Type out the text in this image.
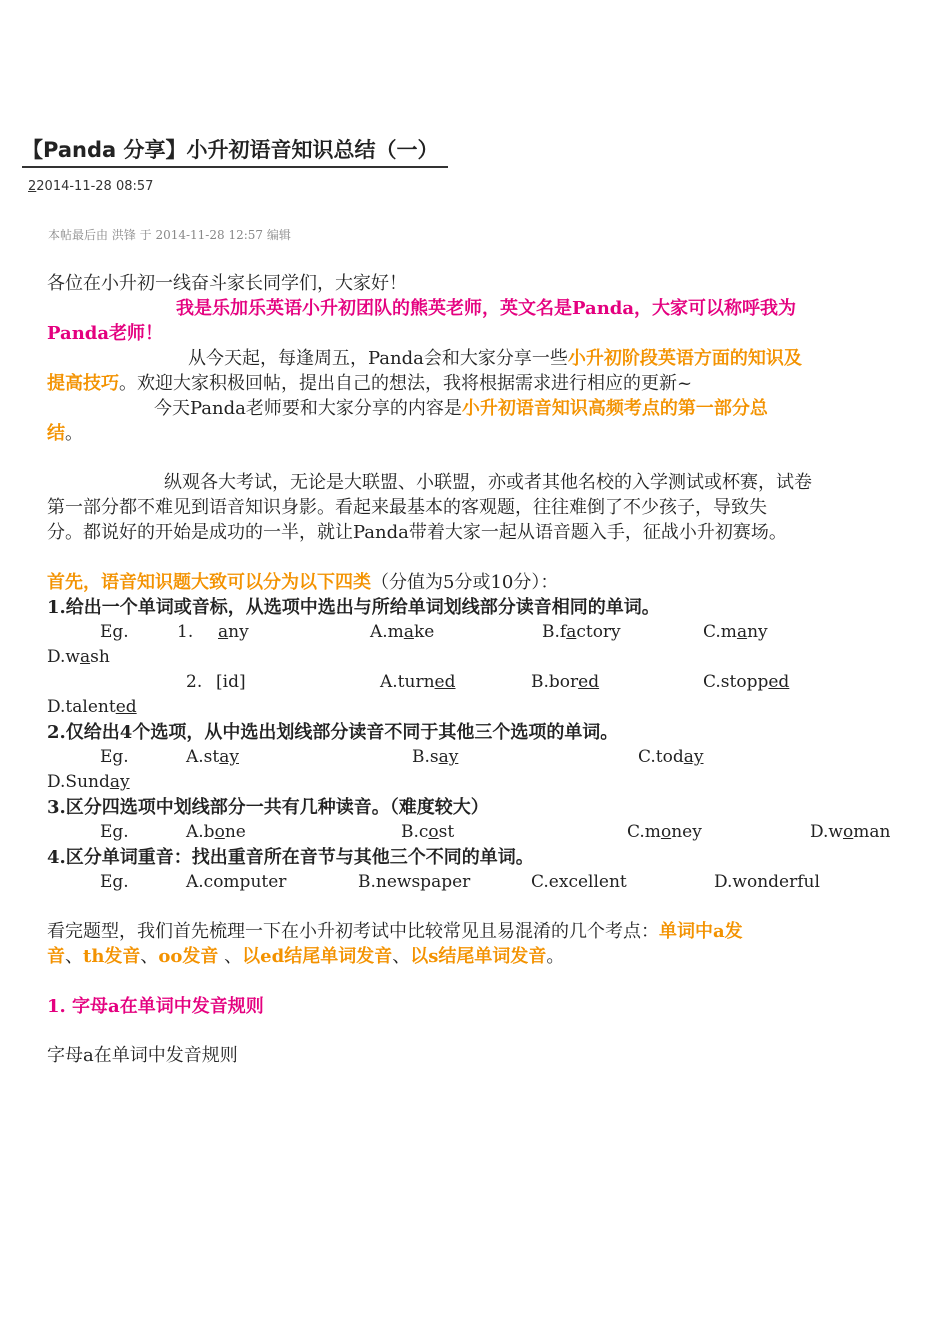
【Panda 分享】小升初语音知识总结（一）
22014-11-28 08:57
本帖最后由 洪锋 于 2014-11-28 12:57 编辑
各位在小升初一线奋斗家长同学们，大家好！
我是乐加乐英语小升初团队的熊英老师，英文名是Panda，大家可以称呼我为
Panda老师！
从今天起，每逢周五，Panda会和大家分享一些小升初阶段英语方面的知识及
提高技巧。欢迎大家积极回帖，提出自己的想法，我将根据需求进行相应的更新~
今天Panda老师要和大家分享的内容是小升初语音知识高频考点的第一部分总
结。
纵观各大考试，无论是大联盟、小联盟，亦或者其他名校的入学测试或杯赛，试卷
第一部分都不难见到语音知识身影。看起来最基本的客观题，往往难倒了不少孩子，导致失
分。都说好的开始是成功的一半，就让Panda带着大家一起从语音题入手，征战小升初赛场。
首先，语音知识题大致可以分为以下四类（分值为5分或10分）：
1.给出一个单词或音标，从选项中选出与所给单词划线部分读音相同的单词。
Eg.	1. any	A.make	B.factory	C.many
D.wash
2. [id]	A.turned	B.bored	C.stopped
D.talented
2.仅给出4个选项，从中选出划线部分读音不同于其他三个选项的单词。
Eg.	A.stay	B.say	C.today
D.Sunday
3.区分四选项中划线部分一共有几种读音。（难度较大）
Eg.	A.bone	B.cost	C.money	D.woman
4.区分单词重音：找出重音所在音节与其他三个不同的单词。
Eg.	A.computer	B.newspaper	C.excellent	D.wonderful
看完题型，我们首先梳理一下在小升初考试中比较常见且易混淆的几个考点：单词中a发
音、th发音、oo发音 、以ed结尾单词发音、以s结尾单词发音。
1. 字母a在单词中发音规则
字母a在单词中发音规则
